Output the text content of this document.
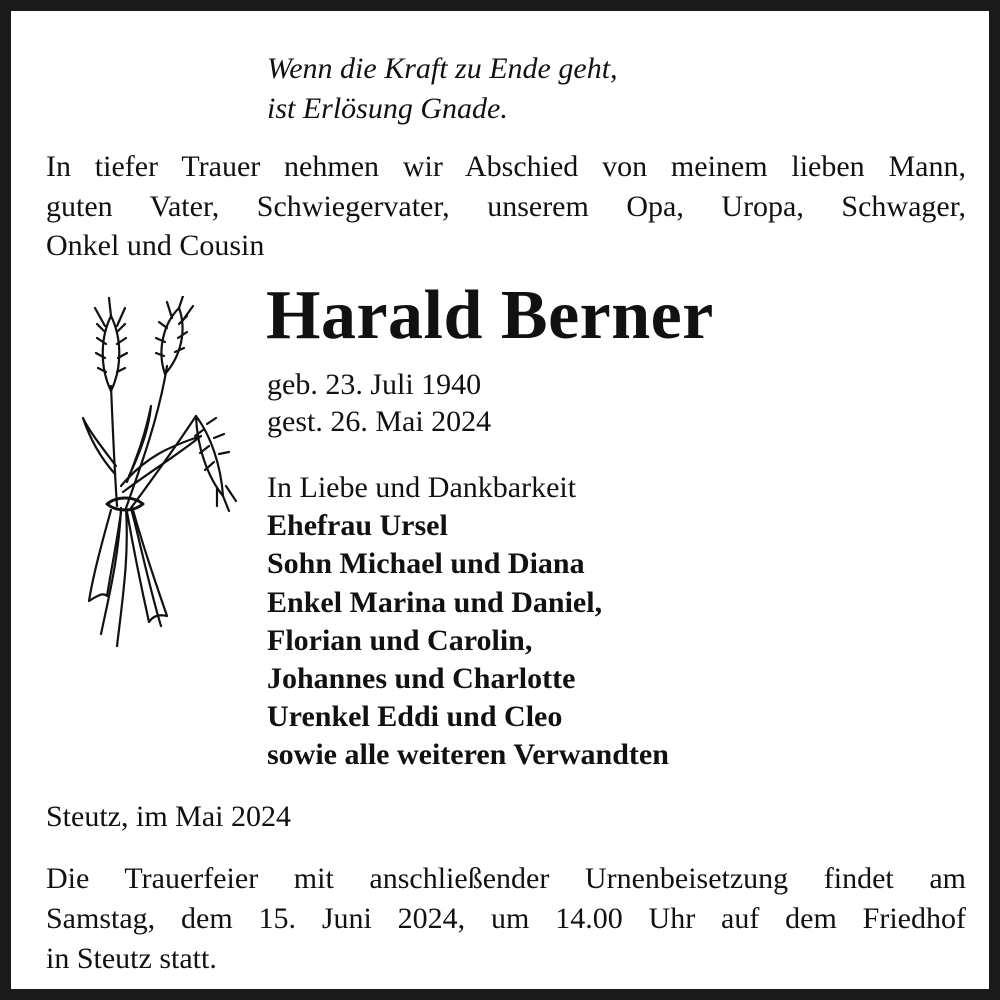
Wenn die Kraft zu Ende geht,
ist Erlösung Gnade.
In tiefer Trauer nehmen wir Abschied von meinem lieben Mann,
guten Vater, Schwiegervater, unserem Opa, Uropa, Schwager,
Onkel und Cousin
Harald Berner
geb. 23. Juli 1940
gest. 26. Mai 2024
In Liebe und Dankbarkeit
Ehefrau Ursel
Sohn Michael und Diana
Enkel Marina und Daniel,
Florian und Carolin,
Johannes und Charlotte
Urenkel Eddi und Cleo
sowie alle weiteren Verwandten
Steutz, im Mai 2024
Die Trauerfeier mit anschließender Urnenbeisetzung findet am
Samstag, dem 15. Juni 2024, um 14.00 Uhr auf dem Friedhof
in Steutz statt.
